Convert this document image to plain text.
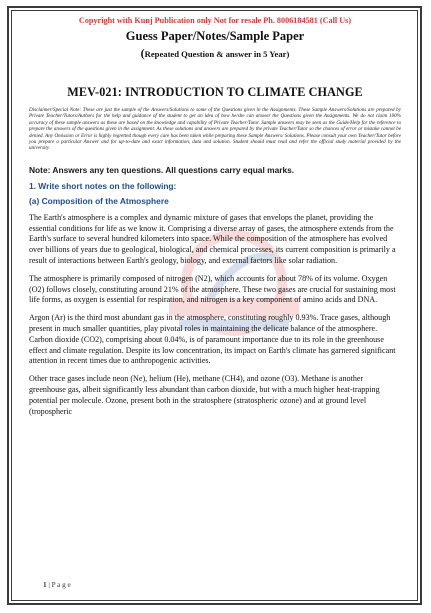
Copyright with Kunj Publication only Not for resale Ph. 8006184581 (Call Us)
Guess Paper/Notes/Sample Paper
(Repeated Question & answer in 5 Year)
MEV-021: INTRODUCTION TO CLIMATE CHANGE
Disclaimer/Special Note: These are just the sample of the Answers/Solutions to some of the Questions given in the Assignments. These Sample Answers/Solutions are prepared by Private Teacher/Tutors/Authors for the help and guidance of the student to get an idea of how he/she can answer the Questions given the Assignments. We do not claim 100% accuracy of these sample answers as these are based on the knowledge and capability of Private Teacher/Tutor. Sample answers may be seen as the Guide/Help for the reference to prepare the answers of the questions given in the assignment. As these solutions and answers are prepared by the private Teacher/Tutor so the chances of error or mistake cannot be denied. Any Omission or Error is highly regretted though every care has been taken while preparing these Sample Answers/ Solutions. Please consult your own Teacher/Tutor before you prepare a particular Answer and for up-to-date and exact information, data and solution. Student should must read and refer the official study material provided by the university.
Note: Answers any ten questions. All questions carry equal marks.
1. Write short notes on the following:
(a) Composition of the Atmosphere
The Earth's atmosphere is a complex and dynamic mixture of gases that envelops the planet, providing the essential conditions for life as we know it. Comprising a diverse array of gases, the atmosphere extends from the Earth's surface to several hundred kilometers into space. While the composition of the atmosphere has evolved over billions of years due to geological, biological, and chemical processes, its current composition is primarily a result of interactions between Earth's geology, biology, and external factors like solar radiation.
The atmosphere is primarily composed of nitrogen (N2), which accounts for about 78% of its volume. Oxygen (O2) follows closely, constituting around 21% of the atmosphere. These two gases are crucial for sustaining most life forms, as oxygen is essential for respiration, and nitrogen is a key component of amino acids and DNA.
Argon (Ar) is the third most abundant gas in the atmosphere, constituting roughly 0.93%. Trace gases, although present in much smaller quantities, play pivotal roles in maintaining the delicate balance of the atmosphere. Carbon dioxide (CO2), comprising about 0.04%, is of paramount importance due to its role in the greenhouse effect and climate regulation. Despite its low concentration, its impact on Earth's climate has garnered significant attention in recent times due to anthropogenic activities.
Other trace gases include neon (Ne), helium (He), methane (CH4), and ozone (O3). Methane is another greenhouse gas, albeit significantly less abundant than carbon dioxide, but with a much higher heat-trapping potential per molecule. Ozone, present both in the stratosphere (stratospheric ozone) and at ground level (tropospheric
1 | P a g e
